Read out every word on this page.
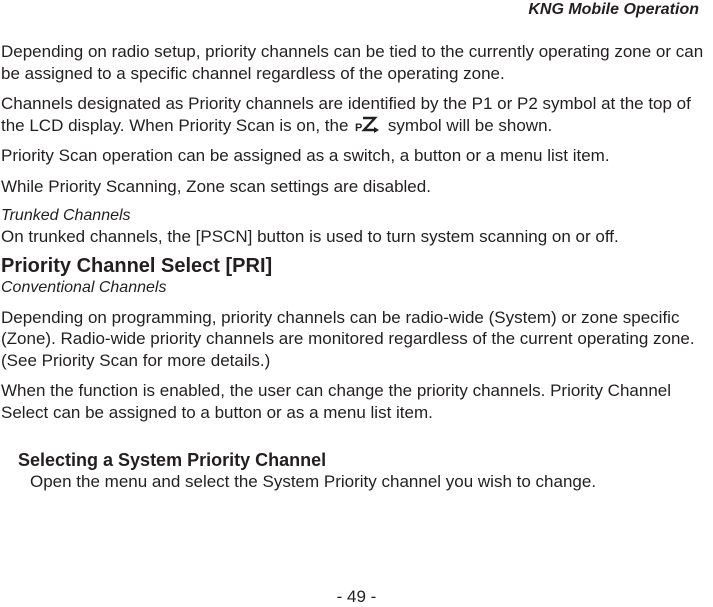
KNG Mobile Operation

Depending on radio setup, priority channels can be tied to the currently operating zone or can be assigned to a specific channel regardless of the operating zone.

Channels designated as Priority channels are identified by the P1 or P2 symbol at the top of the LCD display. When Priority Scan is on, the P symbol will be shown.

Priority Scan operation can be assigned as a switch, a button or a menu list item.

While Priority Scanning, Zone scan settings are disabled.

Trunked Channels

On trunked channels, the [PSCN] button is used to turn system scanning on or off.

Priority Channel Select [PRI]
Conventional Channels

Depending on programming, priority channels can be radio-wide (System) or zone specific (Zone). Radio-wide priority channels are monitored regardless of the current operating zone. (See Priority Scan for more details.)

When the function is enabled, the user can change the priority channels. Priority Channel Select can be assigned to a button or as a menu list item.

Selecting a System Priority Channel

Open the menu and select the System Priority channel you wish to change.

- 49 -
